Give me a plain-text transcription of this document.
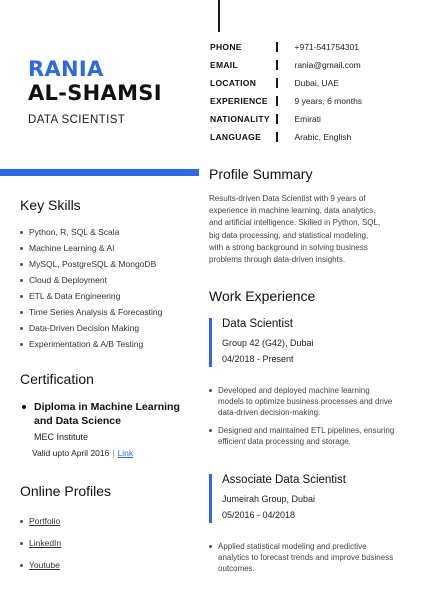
RANIA
AL-SHAMSI
DATA SCIENTIST
PHONE	+971-541754301
EMAIL	rania@gmail.com
LOCATION	Dubai, UAE
EXPERIENCE	9 years, 6 months
NATIONALITY	Emirati
LANGUAGE	Arabic, English
Key Skills
Python, R, SQL & Scala
Machine Learning & AI
MySQL, PostgreSQL & MongoDB
Cloud & Deployment
ETL & Data Engineering
Time Series Analysis & Forecasting
Data-Driven Decision Making
Experimentation & A/B Testing
Certification
Diploma in Machine Learning
and Data Science
MEC Institute
Valid upto April 2016 | Link
Online Profiles
Portfolio
LinkedIn
Youtube
Profile Summary
Results-driven Data Scientist with 9 years of
experience in machine learning, data analytics,
and artificial intelligence. Skilled in Python, SQL,
big data processing, and statistical modeling,
with a strong background in solving business
problems through data-driven insights.
Work Experience
Data Scientist
Group 42 (G42), Dubai
04/2018 - Present
Developed and deployed machine learning
models to optimize business processes and drive
data-driven decision-making.
Designed and maintained ETL pipelines, ensuring
efficient data processing and storage.
Associate Data Scientist
Jumeirah Group, Dubai
05/2016 - 04/2018
Applied statistical modeling and predictive
analytics to forecast trends and improve business
outcomes.
